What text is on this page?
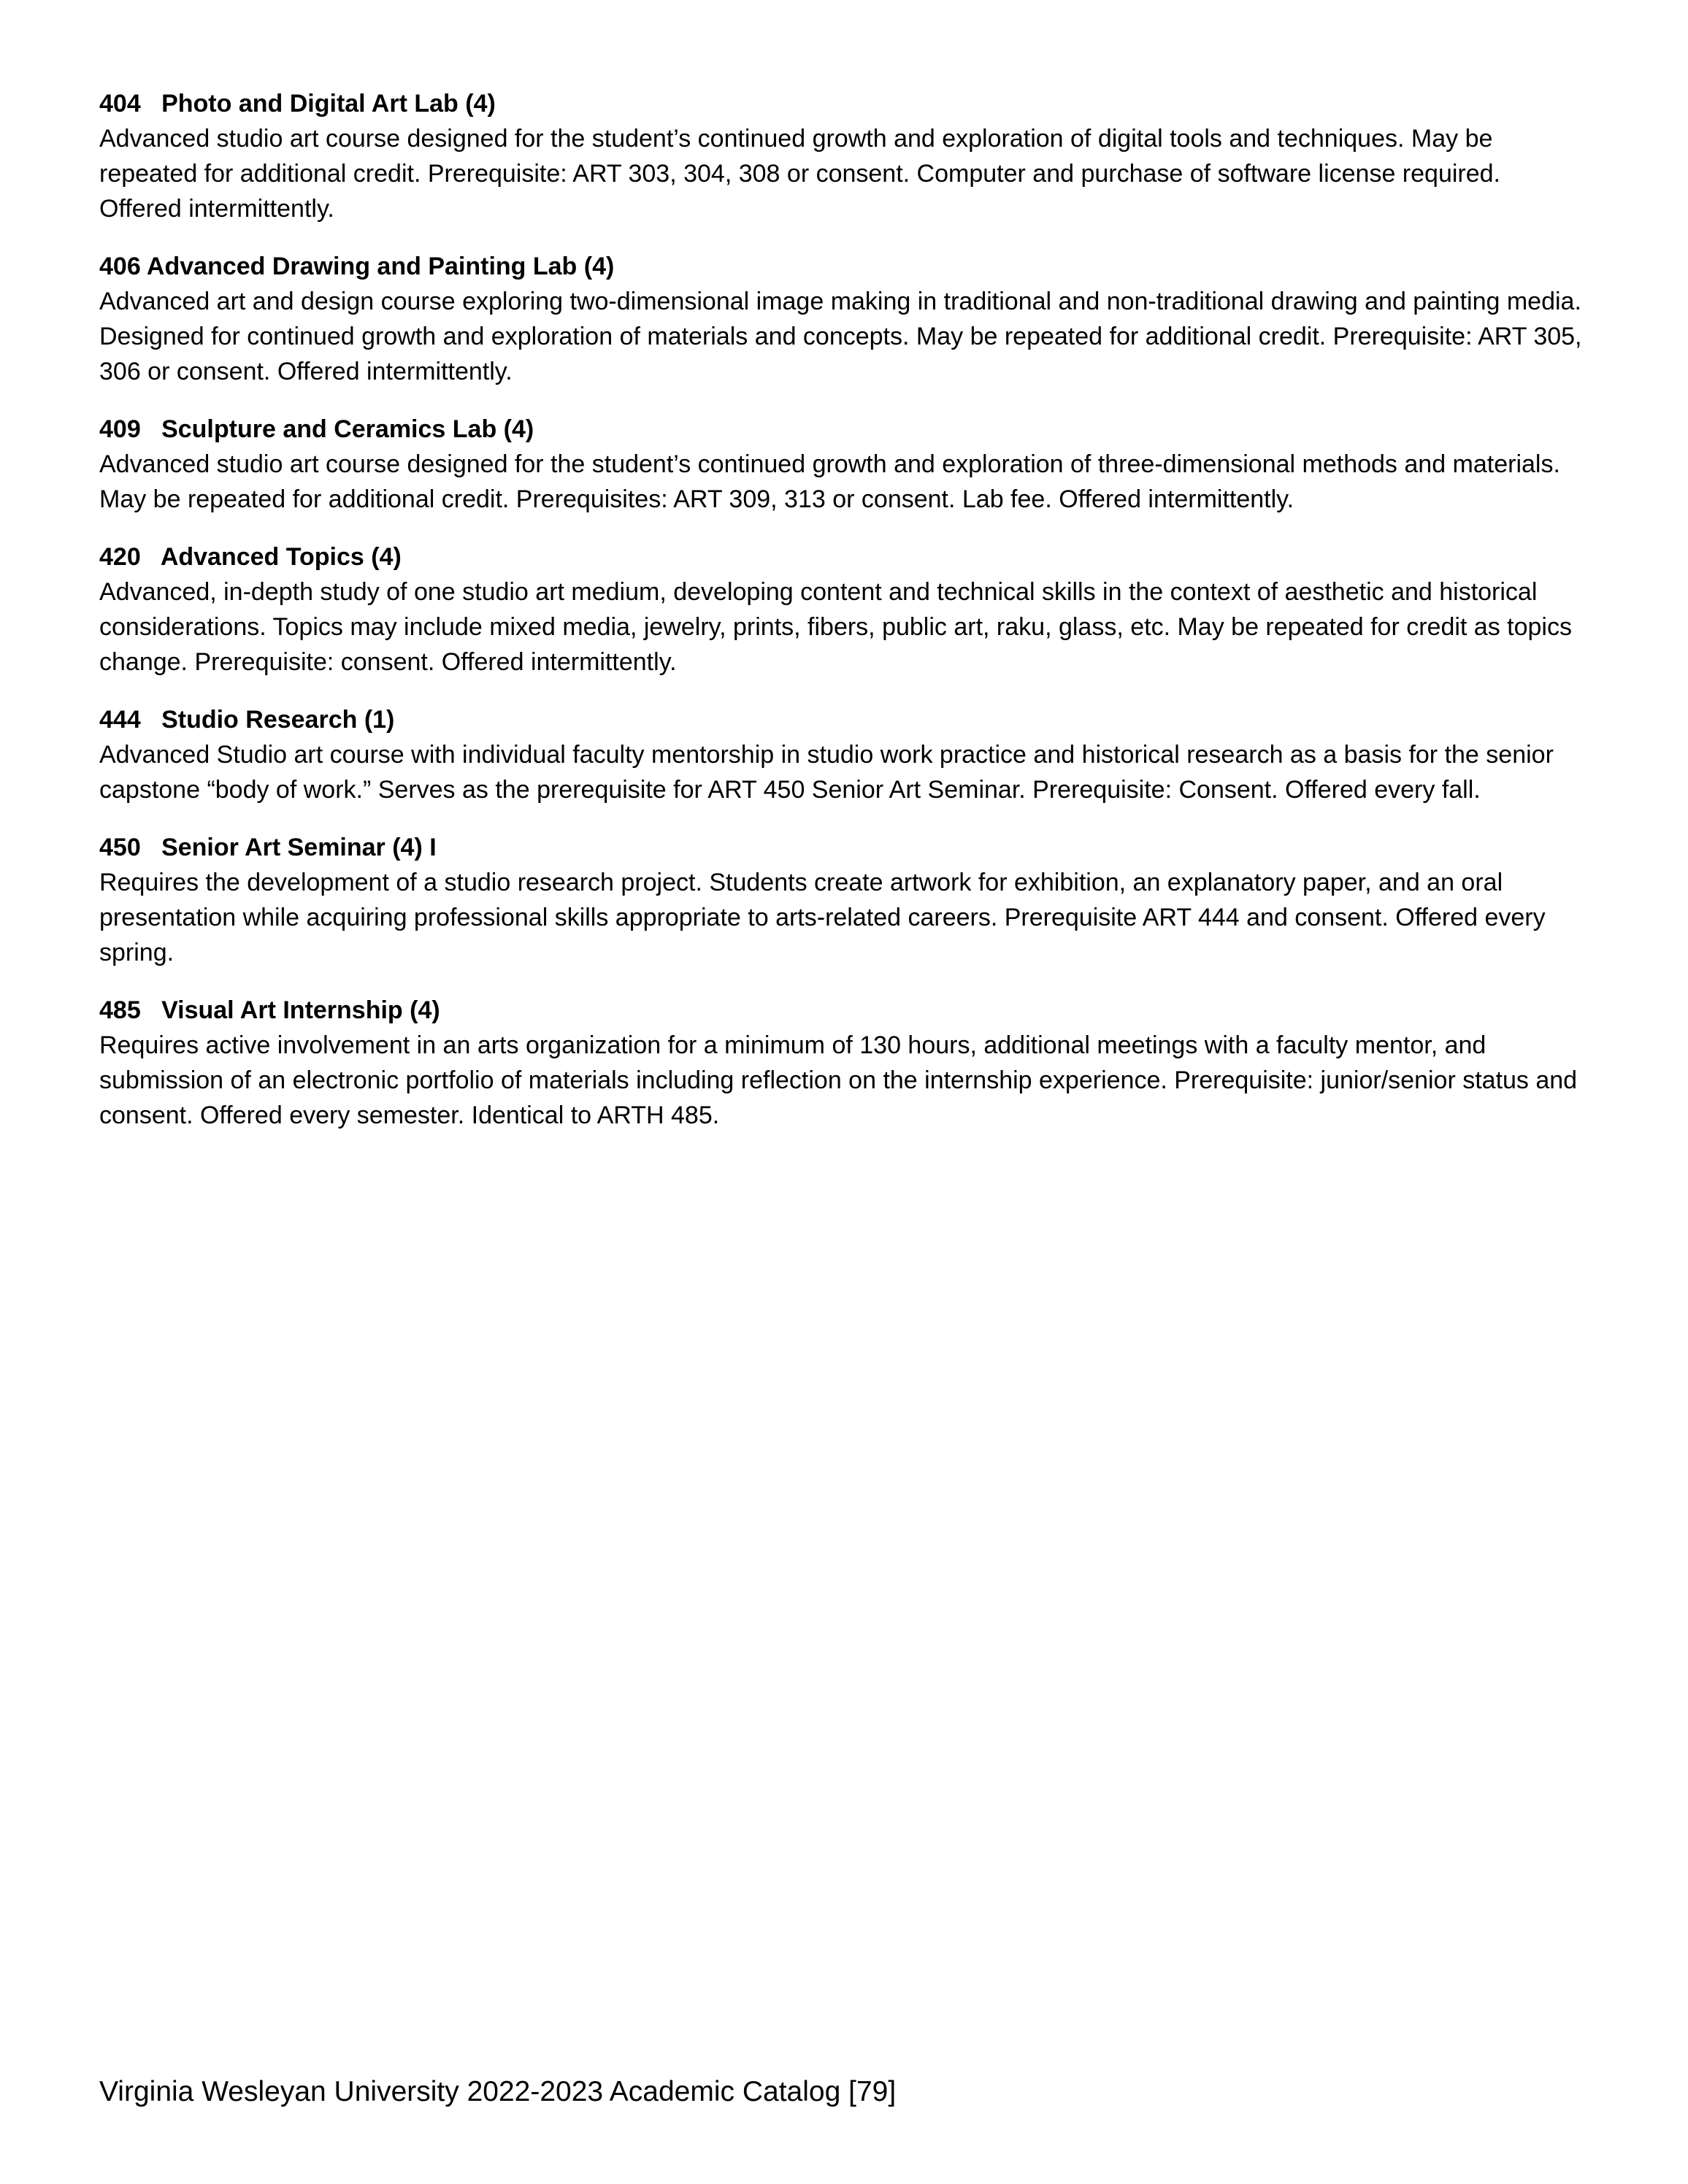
404 Photo and Digital Art Lab (4)

Advanced studio art course designed for the student’s continued growth and exploration of digital tools and techniques. May be repeated for additional credit. Prerequisite: ART 303, 304, 308 or consent. Computer and purchase of software license required. Offered intermittently.

406 Advanced Drawing and Painting Lab (4)

Advanced art and design course exploring two-dimensional image making in traditional and non-traditional drawing and painting media. Designed for continued growth and exploration of materials and concepts. May be repeated for additional credit. Prerequisite: ART 305, 306 or consent. Offered intermittently.

409 Sculpture and Ceramics Lab (4)

Advanced studio art course designed for the student’s continued growth and exploration of three-dimensional methods and materials. May be repeated for additional credit. Prerequisites: ART 309, 313 or consent. Lab fee. Offered intermittently.

420 Advanced Topics (4)

Advanced, in-depth study of one studio art medium, developing content and technical skills in the context of aesthetic and historical considerations. Topics may include mixed media, jewelry, prints, fibers, public art, raku, glass, etc. May be repeated for credit as topics change. Prerequisite: consent. Offered intermittently.

444 Studio Research (1)

Advanced Studio art course with individual faculty mentorship in studio work practice and historical research as a basis for the senior capstone “body of work.” Serves as the prerequisite for ART 450 Senior Art Seminar. Prerequisite: Consent. Offered every fall.

450 Senior Art Seminar (4) I

Requires the development of a studio research project. Students create artwork for exhibition, an explanatory paper, and an oral presentation while acquiring professional skills appropriate to arts-related careers. Prerequisite ART 444 and consent. Offered every spring.

485 Visual Art Internship (4)

Requires active involvement in an arts organization for a minimum of 130 hours, additional meetings with a faculty mentor, and submission of an electronic portfolio of materials including reflection on the internship experience. Prerequisite: junior/senior status and consent. Offered every semester. Identical to ARTH 485.

Virginia Wesleyan University 2022-2023 Academic Catalog [79]
